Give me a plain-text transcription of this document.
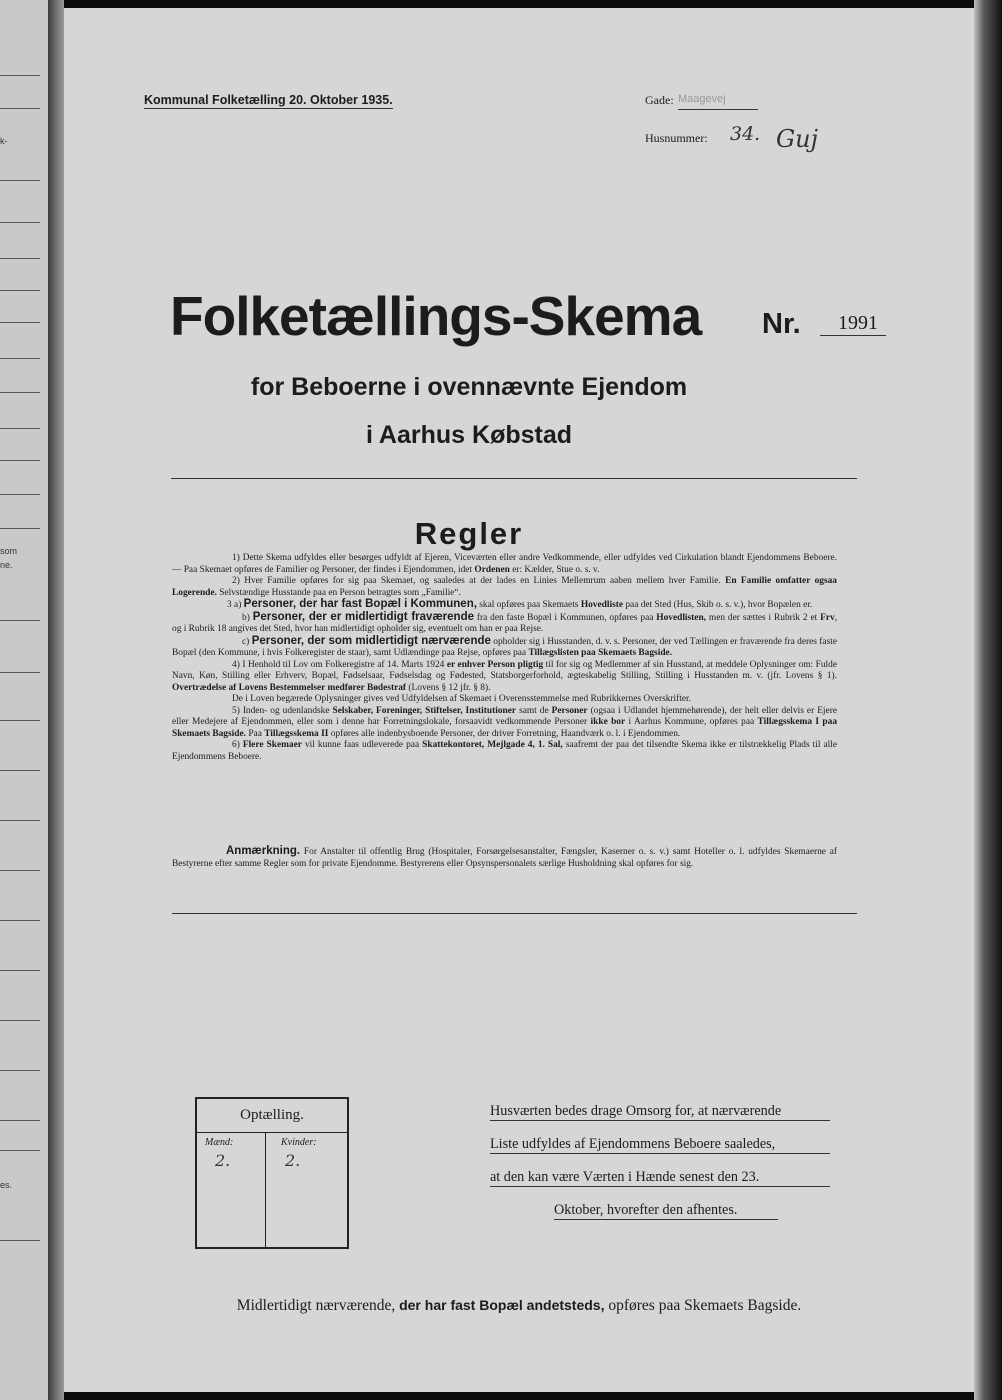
k-
som
ne.
es.
Kommunal Folketælling 20. Oktober 1935.	Gade: Maagevej
Husnummer: 34. Guj
Folketællings-Skema Nr. 1991
for Beboerne i ovennævnte Ejendom
i Aarhus Købstad
Regler

1) Dette Skema udfyldes eller besørges udfyldt af Ejeren, Viceværten eller andre Vedkommende, eller udfyldes ved Cirkulation blandt Ejendommens Beboere. — Paa Skemaet opføres de Familier og Personer, der findes i Ejendommen, idet Ordenen er: Kælder, Stue o. s. v.

2) Hver Familie opføres for sig paa Skemaet, og saaledes at der lades en Linies Mellemrum aaben mellem hver Familie. En Familie omfatter ogsaa Logerende. Selvstændige Husstande paa en Person betragtes som „Familie“.

3 a) Personer, der har fast Bopæl i Kommunen, skal opføres paa Skemaets Hovedliste paa det Sted (Hus, Skib o. s. v.), hvor Bopælen er.

b) Personer, der er midlertidigt fraværende fra den faste Bopæl i Kommunen, opføres paa Hovedlisten, men der sættes i Rubrik 2 et Frv, og i Rubrik 18 angives det Sted, hvor han midlertidigt opholder sig, eventuelt om han er paa Rejse.

c) Personer, der som midlertidigt nærværende opholder sig i Husstanden, d. v. s. Personer, der ved Tællingen er fraværende fra deres faste Bopæl (den Kommune, i hvis Folkeregister de staar), samt Udlændinge paa Rejse, opføres paa Tillægslisten paa Skemaets Bagside.

4) I Henhold til Lov om Folkeregistre af 14. Marts 1924 er enhver Person pligtig til for sig og Medlemmer af sin Husstand, at meddele Oplysninger om: Fulde Navn, Køn, Stilling eller Erhverv, Bopæl, Fødselsaar, Fødselsdag og Fødested, Statsborgerforhold, ægteskabelig Stilling, Stilling i Husstanden m. v. (jfr. Lovens § 1). Overtrædelse af Lovens Bestemmelser medfører Bødestraf (Lovens § 12 jfr. § 8).

De i Loven begærede Oplysninger gives ved Udfyldelsen af Skemaet i Overensstemmelse med Rubrikkernes Overskrifter.

5) Inden- og udenlandske Selskaber, Foreninger, Stiftelser, Institutioner samt de Personer (ogsaa i Udlandet hjemmehørende), der helt eller delvis er Ejere eller Medejere af Ejendommen, eller som i denne har Forretningslokale, forsaavidt vedkommende Personer ikke bor i Aarhus Kommune, opføres paa Tillægsskema I paa Skemaets Bagside. Paa Tillægsskema II opføres alle indenbysboende Personer, der driver Forretning, Haandværk o. l. i Ejendommen.

6) Flere Skemaer vil kunne faas udleverede paa Skattekontoret, Mejlgade 4, 1. Sal, saafremt der paa det tilsendte Skema ikke er tilstrækkelig Plads til alle Ejendommens Beboere.

Anmærkning. For Anstalter til offentlig Brug (Hospitaler, Forsørgelsesanstalter, Fængsler, Kaserner o. s. v.) samt Hoteller o. l. udfyldes Skemaerne af Bestyrerne efter samme Regler som for private Ejendomme. Bestyrerens eller Opsynspersonalets særlige Husholdning skal opføres for sig.
Optælling.
Mænd:	Kvinder:
2.	2.
Husværten bedes drage Omsorg for, at nærværende
Liste udfyldes af Ejendommens Beboere saaledes,
at den kan være Værten i Hænde senest den 23.
Oktober, hvorefter den afhentes.
Midlertidigt nærværende, der har fast Bopæl andetsteds, opføres paa Skemaets Bagside.
